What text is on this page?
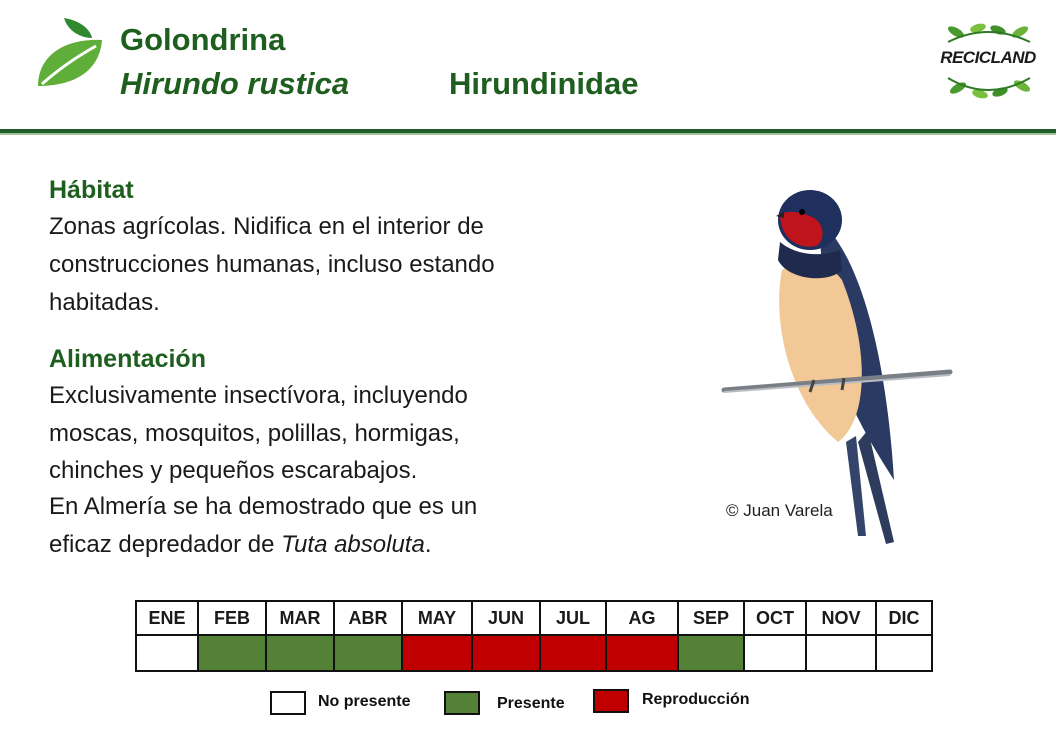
Golondrina
Hirundo rustica	Hirundinidae
RECICLAND
Hábitat
Zonas agrícolas. Nidifica en el interior de
construcciones humanas, incluso estando
habitadas.
Alimentación
Exclusivamente insectívora, incluyendo
moscas, mosquitos, polillas, hormigas,
chinches y pequeños escarabajos.
En Almería se ha demostrado que es un
eficaz depredador de Tuta absoluta.
© Juan Varela
ENE	FEB	MAR	ABR	MAY	JUN	JUL	AG	SEP	OCT	NOV	DIC

No presente	Presente	Reproducción
